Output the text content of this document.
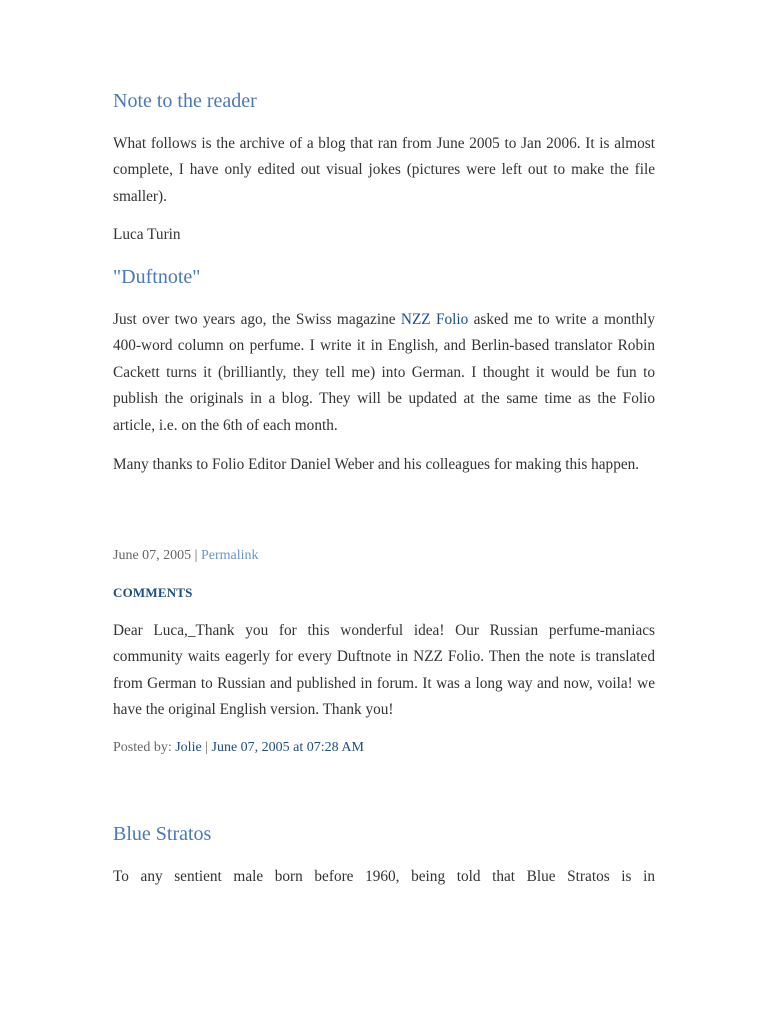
Note to the reader

What follows is the archive of a blog that ran from June 2005 to Jan 2006. It is almost complete, I have only edited out visual jokes (pictures were left out to make the file smaller).

Luca Turin

"Duftnote"

Just over two years ago, the Swiss magazine NZZ Folio asked me to write a monthly 400-word column on perfume. I write it in English, and Berlin-based translator Robin Cackett turns it (brilliantly, they tell me) into German. I thought it would be fun to publish the originals in a blog. They will be updated at the same time as the Folio article, i.e. on the 6th of each month.

Many thanks to Folio Editor Daniel Weber and his colleagues for making this happen.

June 07, 2005 | Permalink

COMMENTS

Dear Luca,_Thank you for this wonderful idea! Our Russian perfume-maniacs community waits eagerly for every Duftnote in NZZ Folio. Then the note is translated from German to Russian and published in forum. It was a long way and now, voila! we have the original English version. Thank you!

Posted by: Jolie | June 07, 2005 at 07:28 AM

Blue Stratos

To any sentient male born before 1960, being told that Blue Stratos is in
